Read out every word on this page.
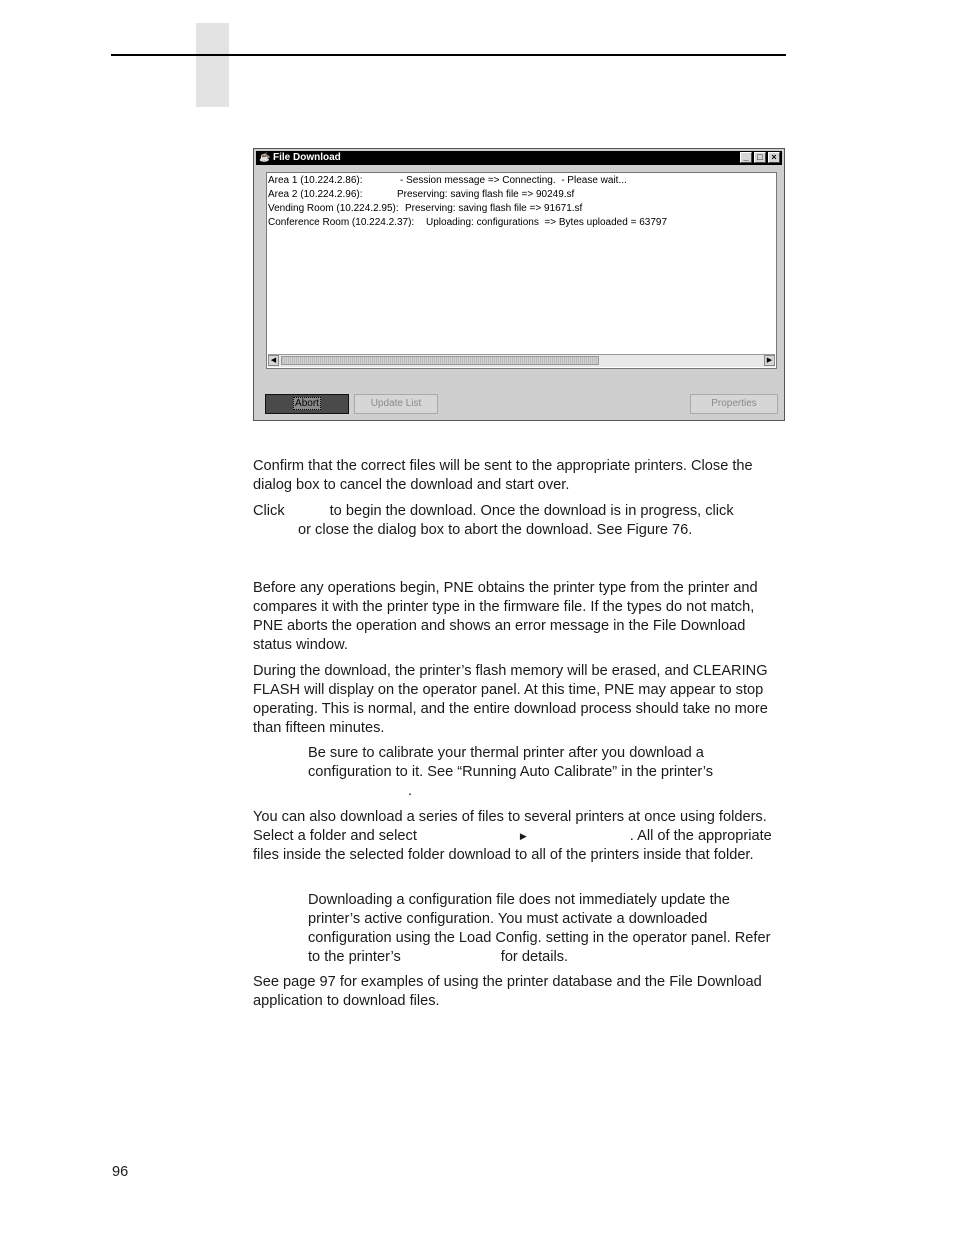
☕ File Download	_ □ ×
Area 1 (10.224.2.86):	- Session message => Connecting.  - Please wait...
Area 2 (10.224.2.96):	Preserving: saving flash file => 90249.sf
Vending Room (10.224.2.95): Preserving: saving flash file => 91671.sf
Conference Room (10.224.2.37): Uploading: configurations  => Bytes uploaded = 63797
◀	▶
Abort	Update List	Properties

Confirm that the correct files will be sent to the appropriate printers. Close the dialog box to cancel the download and start over.

Click	to begin the download. Once the download is in progress, click
or close the dialog box to abort the download. See Figure 76.

Before any operations begin, PNE obtains the printer type from the printer and compares it with the printer type in the firmware file. If the types do not match, PNE aborts the operation and shows an error message in the File Download status window.

During the download, the printer’s flash memory will be erased, and CLEARING FLASH will display on the operator panel. At this time, PNE may appear to stop operating. This is normal, and the entire download process should take no more than fifteen minutes.

Be sure to calibrate your thermal printer after you download a configuration to it. See “Running Auto Calibrate” in the printer’s
.
You can also download a series of files to several printers at once using folders. Select a folder and select	▶	. All of the appropriate files inside the selected folder download to all of the printers inside that folder.
Downloading a configuration file does not immediately update the printer’s active configuration. You must activate a downloaded configuration using the Load Config. setting in the operator panel. Refer to the printer’s	for details.

See page 97 for examples of using the printer database and the File Download application to download files.

96
